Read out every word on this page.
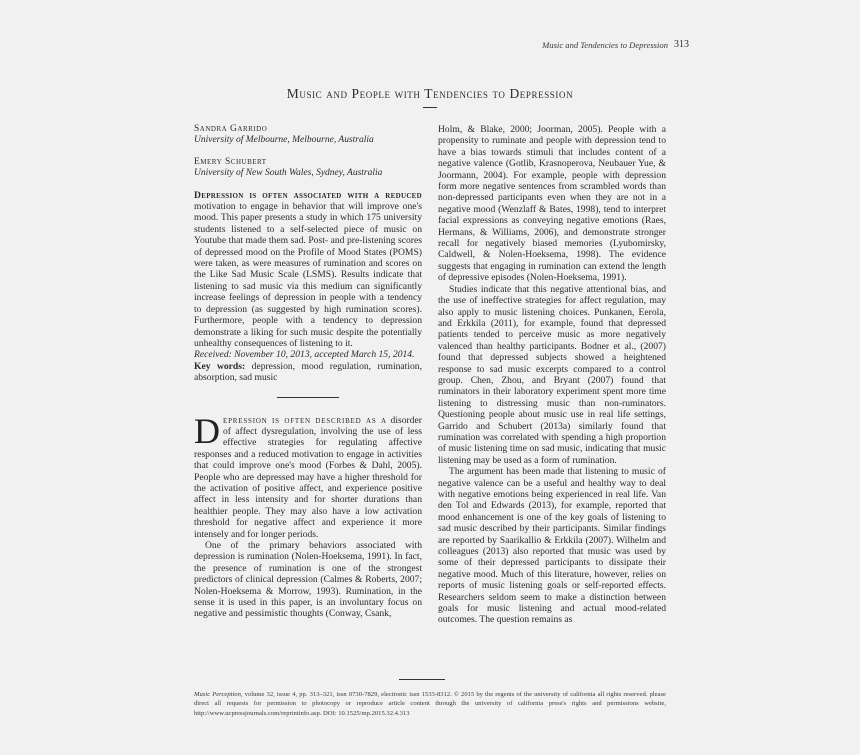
Music and Tendencies to Depression 313
Music and People with Tendencies to Depression
Sandra Garrido
University of Melbourne, Melbourne, Australia
Emery Schubert
University of New South Wales, Sydney, Australia

Depression is often associated with a reduced motivation to engage in behavior that will improve one's mood. This paper presents a study in which 175 university students listened to a self-selected piece of music on Youtube that made them sad. Post- and pre-listening scores of depressed mood on the Profile of Mood States (POMS) were taken, as were measures of rumination and scores on the Like Sad Music Scale (LSMS). Results indicate that listening to sad music via this medium can significantly increase feelings of depression in people with a tendency to depression (as suggested by high rumination scores). Furthermore, people with a tendency to depression demonstrate a liking for such music despite the potentially unhealthy consequences of listening to it.

Received: November 10, 2013, accepted March 15, 2014.

Key words: depression, mood regulation, rumination, absorption, sad music

Depression is often described as a disorder of affect dysregulation, involving the use of less effective strategies for regulating affective responses and a reduced motivation to engage in activities that could improve one's mood (Forbes & Dahl, 2005). People who are depressed may have a higher threshold for the activation of positive affect, and experience positive affect in less intensity and for shorter durations than healthier people. They may also have a low activation threshold for negative affect and experience it more intensely and for longer periods.

One of the primary behaviors associated with depression is rumination (Nolen-Hoeksema, 1991). In fact, the presence of rumination is one of the strongest predictors of clinical depression (Calmes & Roberts, 2007; Nolen-Hoeksema & Morrow, 1993). Rumination, in the sense it is used in this paper, is an involuntary focus on negative and pessimistic thoughts (Conway, Csank,

Holm, & Blake, 2000; Joorman, 2005). People with a propensity to ruminate and people with depression tend to have a bias towards stimuli that includes content of a negative valence (Gotlib, Krasnoperova, Neubauer Yue, & Joormann, 2004). For example, people with depression form more negative sentences from scrambled words than non-depressed participants even when they are not in a negative mood (Wenzlaff & Bates, 1998), tend to interpret facial expressions as conveying negative emotions (Raes, Hermans, & Williams, 2006), and demonstrate stronger recall for negatively biased memories (Lyubomirsky, Caldwell, & Nolen-Hoeksema, 1998). The evidence suggests that engaging in rumination can extend the length of depressive episodes (Nolen-Hoeksema, 1991).

Studies indicate that this negative attentional bias, and the use of ineffective strategies for affect regulation, may also apply to music listening choices. Punkanen, Eerola, and Erkkila (2011), for example, found that depressed patients tended to perceive music as more negatively valenced than healthy participants. Bodner et al., (2007) found that depressed subjects showed a heightened response to sad music excerpts compared to a control group. Chen, Zhou, and Bryant (2007) found that ruminators in their laboratory experiment spent more time listening to distressing music than non-ruminators. Questioning people about music use in real life settings, Garrido and Schubert (2013a) similarly found that rumination was correlated with spending a high proportion of music listening time on sad music, indicating that music listening may be used as a form of rumination.

The argument has been made that listening to music of negative valence can be a useful and healthy way to deal with negative emotions being experienced in real life. Van den Tol and Edwards (2013), for example, reported that mood enhancement is one of the key goals of listening to sad music described by their participants. Similar findings are reported by Saarikallio & Erkkila (2007). Wilhelm and colleagues (2013) also reported that music was used by some of their depressed participants to dissipate their negative mood. Much of this literature, however, relies on reports of music listening goals or self-reported effects. Researchers seldom seem to make a distinction between goals for music listening and actual mood-related outcomes. The question remains as

Music Perception, volume 32, issue 4, pp. 313–321, issn 0730-7829, electronic issn 1533-8312. © 2015 by the regents of the university of california all rights reserved. please direct all requests for permission to photocopy or reproduce article content through the university of california press's rights and permissions website, http://www.ucpressjournals.com/reprintinfo.asp. DOI: 10.1525/mp.2015.32.4.313
